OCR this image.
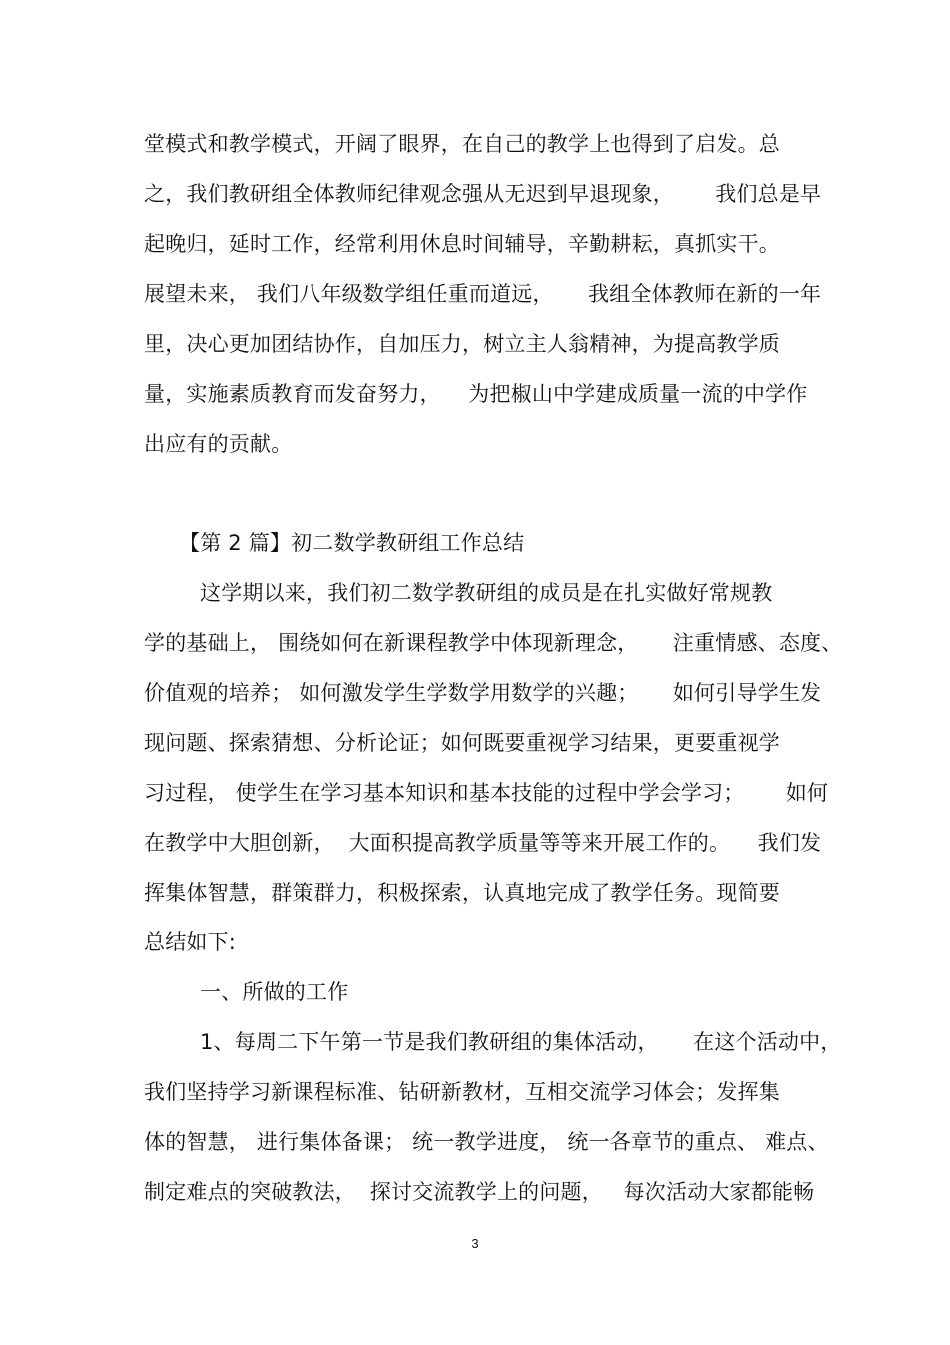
堂模式和教学模式，开阔了眼界，在自己的教学上也得到了启发。总
之，我们教研组全体教师纪律观念强从无迟到早退现象，      我们总是早
起晚归，延时工作，经常利用休息时间辅导，辛勤耕耘，真抓实干。
展望未来， 我们八年级数学组任重而道远，     我组全体教师在新的一年
里，决心更加团结协作，自加压力，树立主人翁精神，为提高教学质
量，实施素质教育而发奋努力，    为把椒山中学建成质量一流的中学作
出应有的贡献。
【第 2 篇】初二数学教研组工作总结
这学期以来，我们初二数学教研组的成员是在扎实做好常规教
学的基础上， 围绕如何在新课程教学中体现新理念，     注重情感、态度、
价值观的培养； 如何激发学生学数学用数学的兴趣；     如何引导学生发
现问题、探索猜想、分析论证；如何既要重视学习结果，更要重视学
习过程， 使学生在学习基本知识和基本技能的过程中学会学习；      如何
在教学中大胆创新，  大面积提高教学质量等等来开展工作的。    我们发
挥集体智慧，群策群力，积极探索，认真地完成了教学任务。现简要
总结如下:
一、所做的工作
1、每周二下午第一节是我们教研组的集体活动，     在这个活动中，
我们坚持学习新课程标准、钻研新教材，互相交流学习体会；发挥集
体的智慧， 进行集体备课； 统一教学进度， 统一各章节的重点、 难点、
制定难点的突破教法，  探讨交流教学上的问题，   每次活动大家都能畅
3
